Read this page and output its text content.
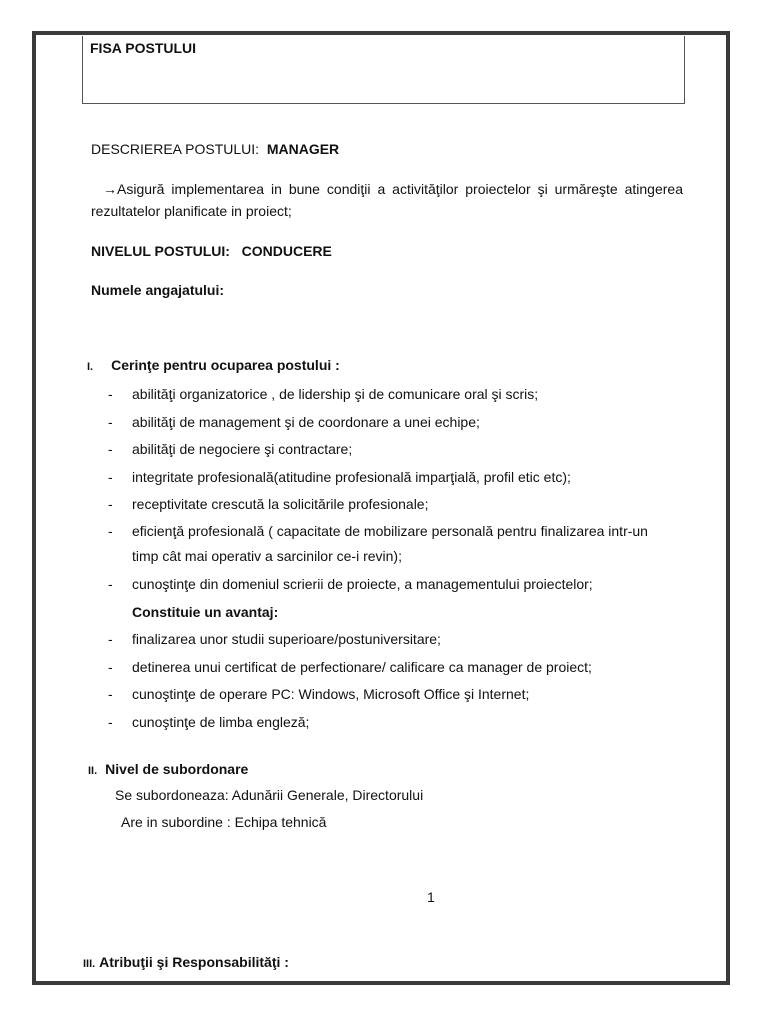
FISA POSTULUI
DESCRIEREA POSTULUI: MANAGER
→Asigură implementarea in bune condiţii a activităţilor proiectelor şi urmăreşte atingerea rezultatelor planificate in proiect;
NIVELUL POSTULUI: CONDUCERE
Numele angajatului:
I. Cerinţe pentru ocuparea postului :
- abilităţi organizatorice , de lidership şi de comunicare oral şi scris;
- abilităţi de management şi de coordonare a unei echipe;
- abilităţi de negociere şi contractare;
- integritate profesională(atitudine profesională imparţială, profil etic etc);
- receptivitate crescută la solicitările profesionale;
- eficienţă profesională ( capacitate de mobilizare personală pentru finalizarea intr-un timp cât mai operativ a sarcinilor ce-i revin);
- cunoştinţe din domeniul scrierii de proiecte, a managementului proiectelor;
Constituie un avantaj:
- finalizarea unor studii superioare/postuniversitare;
- detinerea unui certificat de perfectionare/ calificare ca manager de proiect;
- cunoştinţe de operare PC: Windows, Microsoft Office şi Internet;
- cunoştinţe de limba engleză;
II. Nivel de subordonare
Se subordoneaza: Adunării Generale, Directorului
Are in subordine : Echipa tehnică
1
III. Atribuţii şi Responsabilităţi :
